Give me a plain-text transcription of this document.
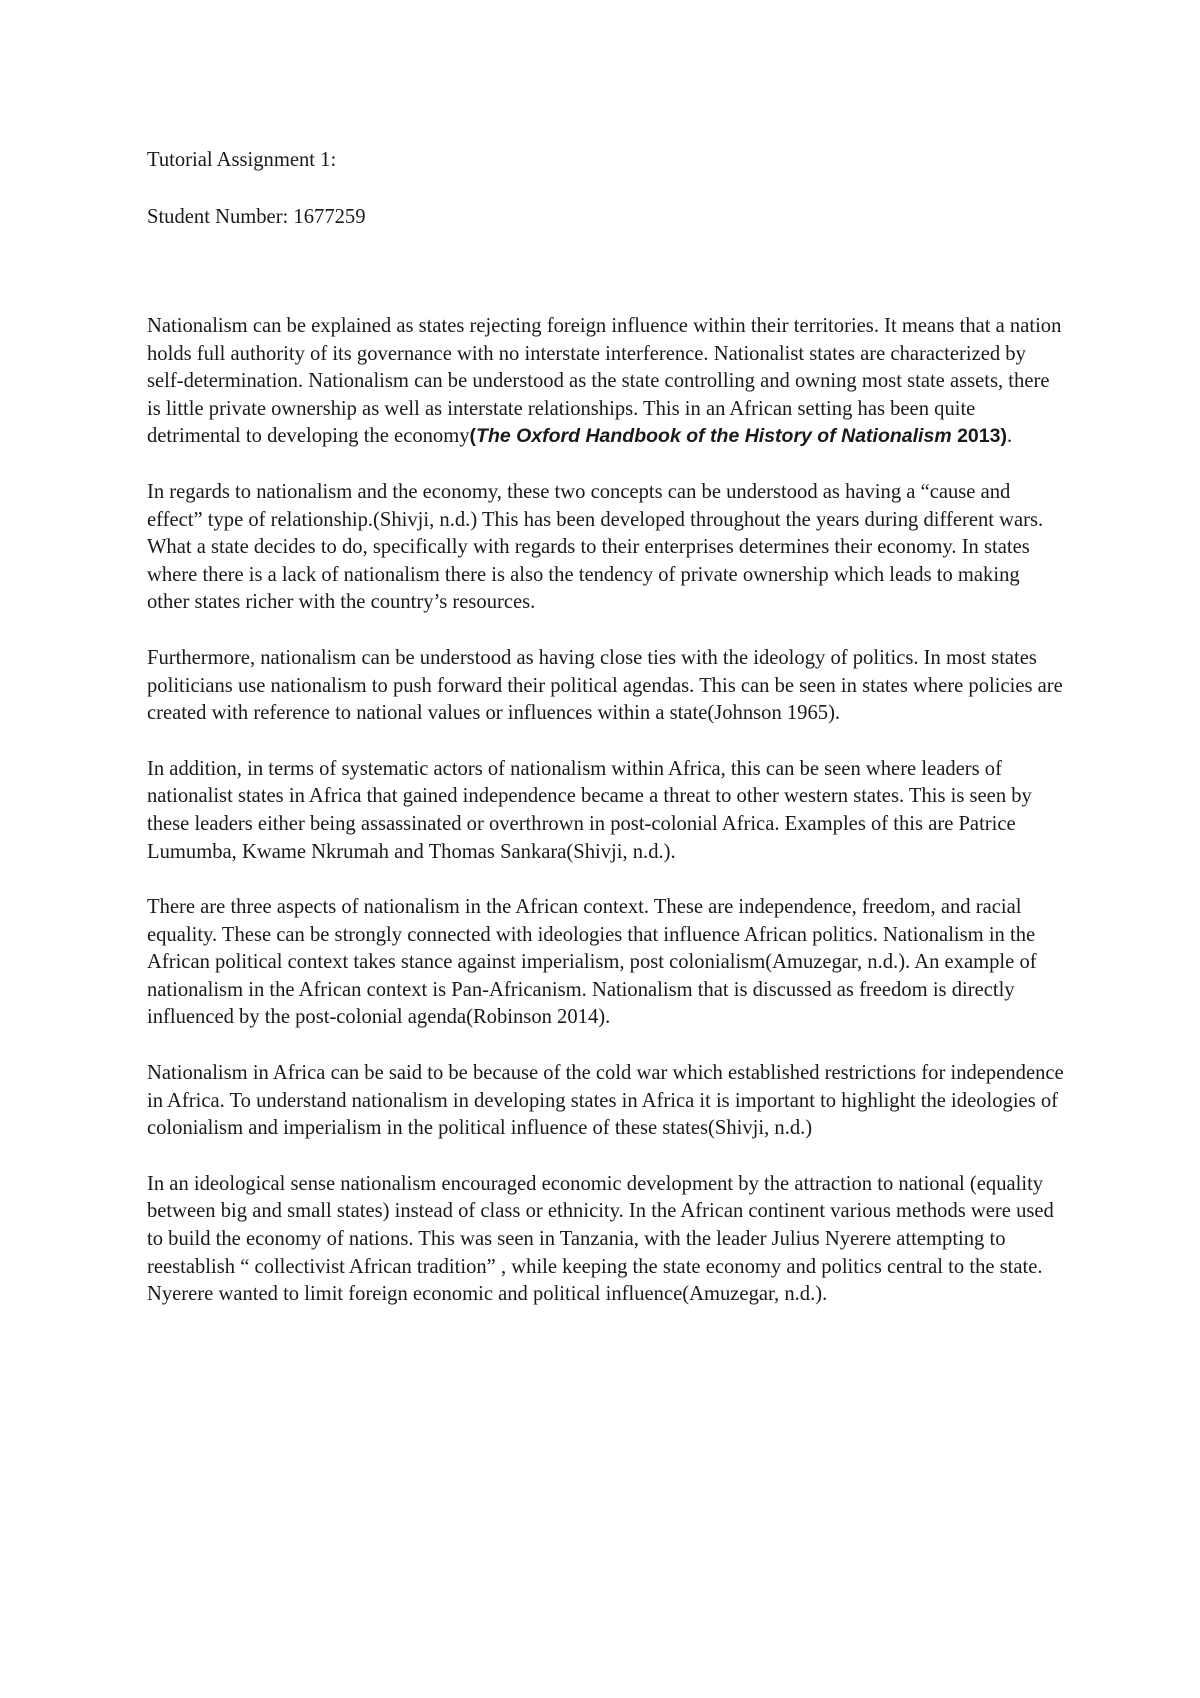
Tutorial Assignment 1:

Student Number: 1677259

Nationalism can be explained as states rejecting foreign influence within their territories. It means that a nation holds full authority of its governance with no interstate interference. Nationalist states are characterized by self-determination. Nationalism can be understood as the state controlling and owning most state assets, there is little private ownership as well as interstate relationships. This in an African setting has been quite detrimental to developing the economy(The Oxford Handbook of the History of Nationalism 2013).

In regards to nationalism and the economy, these two concepts can be understood as having a “cause and effect” type of relationship.(Shivji, n.d.) This has been developed throughout the years during different wars. What a state decides to do, specifically with regards to their enterprises determines their economy. In states where there is a lack of nationalism there is also the tendency of private ownership which leads to making other states richer with the country’s resources.

Furthermore, nationalism can be understood as having close ties with the ideology of politics. In most states politicians use nationalism to push forward their political agendas. This can be seen in states where policies are created with reference to national values or influences within a state(Johnson 1965).

In addition, in terms of systematic actors of nationalism within Africa, this can be seen where leaders of nationalist states in Africa that gained independence became a threat to other western states. This is seen by these leaders either being assassinated or overthrown in post-colonial Africa. Examples of this are Patrice Lumumba, Kwame Nkrumah and Thomas Sankara(Shivji, n.d.).

There are three aspects of nationalism in the African context. These are independence, freedom, and racial equality. These can be strongly connected with ideologies that influence African politics. Nationalism in the African political context takes stance against imperialism, post colonialism(Amuzegar, n.d.). An example of nationalism in the African context is Pan-Africanism. Nationalism that is discussed as freedom is directly influenced by the post-colonial agenda(Robinson 2014).

Nationalism in Africa can be said to be because of the cold war which established restrictions for independence in Africa. To understand nationalism in developing states in Africa it is important to highlight the ideologies of colonialism and imperialism in the political influence of these states(Shivji, n.d.)

In an ideological sense nationalism encouraged economic development by the attraction to national (equality between big and small states) instead of class or ethnicity. In the African continent various methods were used to build the economy of nations. This was seen in Tanzania, with the leader Julius Nyerere attempting to reestablish “ collectivist African tradition” , while keeping the state economy and politics central to the state. Nyerere wanted to limit foreign economic and political influence(Amuzegar, n.d.).
